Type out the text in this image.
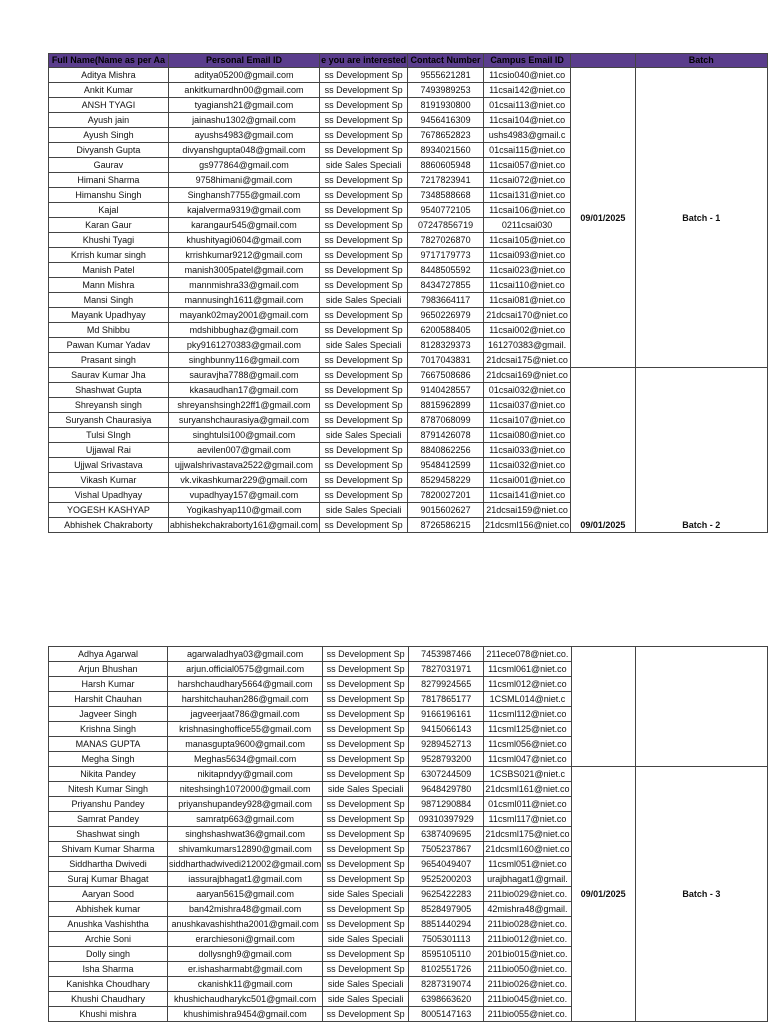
Full Name(Name as per Aa	Personal Email ID	e you are interested	Contact Number	Campus Email ID		Batch
Aditya Mishra	aditya05200@gmail.com	ss Development Sp	9555621281	11csio040@niet.co	09/01/2025	Batch - 1
Ankit Kumar	ankitkumardhn00@gmail.com	ss Development Sp	7493989253	11csai142@niet.co		
ANSH TYAGI	tyagiansh21@gmail.com	ss Development Sp	8191930800	01csai113@niet.co		
Ayush jain	jainashu1302@gmail.com	ss Development Sp	9456416309	11csai104@niet.co		
Ayush Singh	ayushs4983@gmail.com	ss Development Sp	7678652823	ushs4983@gmail.c		
Divyansh Gupta	divyanshgupta048@gmail.com	ss Development Sp	8934021560	01csai115@niet.co		
Gaurav	gs977864@gmail.com	side Sales Speciali	8860605948	11csai057@niet.co		
Himani Sharma	9758himani@gmail.com	ss Development Sp	7217823941	11csai072@niet.co		
Himanshu Singh	Singhansh7755@gmail.com	ss Development Sp	7348588668	11csai131@niet.co		
Kajal	kajalverma9319@gmail.com	ss Development Sp	9540772105	11csai106@niet.co		
Karan Gaur	karangaur545@gmail.com	ss Development Sp	07247856719	0211csai030		
Khushi Tyagi	khushityagi0604@gmail.com	ss Development Sp	7827026870	11csai105@niet.co		
Krrish kumar singh	krrishkumar9212@gmail.com	ss Development Sp	9717179773	11csai093@niet.co		
Manish Patel	manish3005patel@gmail.com	ss Development Sp	8448505592	11csai023@niet.co		
Mann Mishra	mannmishra33@gmail.com	ss Development Sp	8434727855	11csai110@niet.co		
Mansi Singh	mannusingh1611@gmail.com	side Sales Speciali	7983664117	11csai081@niet.co		
Mayank Upadhyay	mayank02may2001@gmail.com	ss Development Sp	9650226979	21dcsai170@niet.co		
Md Shibbu	mdshibbughaz@gmail.com	ss Development Sp	6200588405	11csai002@niet.co		
Pawan Kumar Yadav	pky9161270383@gmail.com	side Sales Speciali	8128329373	161270383@gmail.		
Prasant singh	singhbunny116@gmail.com	ss Development Sp	7017043831	21dcsai175@niet.co		
Saurav Kumar Jha	sauravjha7788@gmail.com	ss Development Sp	7667508686	21dcsai169@niet.co	09/01/2025	Batch - 2
Shashwat Gupta	kkasaudhan17@gmail.com	ss Development Sp	9140428557	01csai032@niet.co		
Shreyansh singh	shreyanshsingh22ff1@gmail.com	ss Development Sp	8815962899	11csai037@niet.co		
Suryansh Chaurasiya	suryanshchaurasiya@gmail.com	ss Development Sp	8787068099	11csai107@niet.co		
Tulsi SIngh	singhtulsi100@gmail.com	side Sales Speciali	8791426078	11csai080@niet.co		
Ujjawal Rai	aevilen007@gmail.com	ss Development Sp	8840862256	11csai033@niet.co		
Ujjwal Srivastava	ujjwalshrivastava2522@gmail.com	ss Development Sp	9548412599	11csai032@niet.co		
Vikash Kumar	vk.vikashkumar229@gmail.com	ss Development Sp	8529458229	11csai001@niet.co		
Vishal Upadhyay	vupadhyay157@gmail.com	ss Development Sp	7820027201	11csai141@niet.co		
YOGESH KASHYAP	Yogikashyap110@gmail.com	side Sales Speciali	9015602627	21dcsai159@niet.co		
Abhishek Chakraborty	abhishekchakraborty161@gmail.com	ss Development Sp	8726586215	21dcsml156@niet.co		
Adhya Agarwal	agarwaladhya03@gmail.com	ss Development Sp	7453987466	211ece078@niet.co.		
Arjun Bhushan	arjun.official0575@gmail.com	ss Development Sp	7827031971	11csml061@niet.co		
Harsh Kumar	harshchaudhary5664@gmail.com	ss Development Sp	8279924565	11csml012@niet.co		
Harshit Chauhan	harshitchauhan286@gmail.com	ss Development Sp	7817865177	1CSML014@niet.c		
Jagveer Singh	jagveerjaat786@gmail.com	ss Development Sp	9166196161	11csml112@niet.co		
Krishna Singh	krishnasinghoffice55@gmail.com	ss Development Sp	9415066143	11csml125@niet.co		
MANAS GUPTA	manasgupta9600@gmail.com	ss Development Sp	9289452713	11csml056@niet.co		
Megha Singh	Meghas5634@gmail.com	ss Development Sp	9528793200	11csml047@niet.co		
Nikita Pandey	nikitapndyy@gmail.com	ss Development Sp	6307244509	1CSBS021@niet.c	09/01/2025	Batch - 3
Nitesh Kumar Singh	niteshsingh1072000@gmail.com	side Sales Speciali	9648429780	21dcsml161@niet.co		
Priyanshu Pandey	priyanshupandey928@gmail.com	ss Development Sp	9871290884	01csml011@niet.co		
Samrat Pandey	samratp663@gmail.com	ss Development Sp	09310397929	11csml117@niet.co		
Shashwat singh	singhshashwat36@gmail.com	ss Development Sp	6387409695	21dcsml175@niet.co		
Shivam Kumar Sharma	shivamkumars12890@gmail.com	ss Development Sp	7505237867	21dcsml160@niet.co		
Siddhartha Dwivedi	siddharthadwivedi212002@gmail.com	ss Development Sp	9654049407	11csml051@niet.co		
Suraj Kumar Bhagat	iassurajbhagat1@gmail.com	ss Development Sp	9525200203	urajbhagat1@gmail.		
Aaryan Sood	aaryan5615@gmail.com	side Sales Speciali	9625422283	211bio029@niet.co.		
Abhishek kumar	ban42mishra48@gmail.com	ss Development Sp	8528497905	42mishra48@gmail.		
Anushka Vashishtha	anushkavashishtha2001@gmail.com	ss Development Sp	8851440294	211bio028@niet.co.		
Archie Soni	erarchiesoni@gmail.com	side Sales Speciali	7505301113	211bio012@niet.co.		
Dolly singh	dollysngh9@gmail.com	ss Development Sp	8595105110	201bio015@niet.co.		
Isha Sharma	er.ishasharmabt@gmail.com	ss Development Sp	8102551726	211bio050@niet.co.		
Kanishka Choudhary	ckanishk11@gmail.com	side Sales Speciali	8287319074	211bio026@niet.co.		
Khushi Chaudhary	khushichaudharykc501@gmail.com	side Sales Speciali	6398663620	211bio045@niet.co.		
Khushi mishra	khushimishra9454@gmail.com	ss Development Sp	8005147163	211bio055@niet.co.		
